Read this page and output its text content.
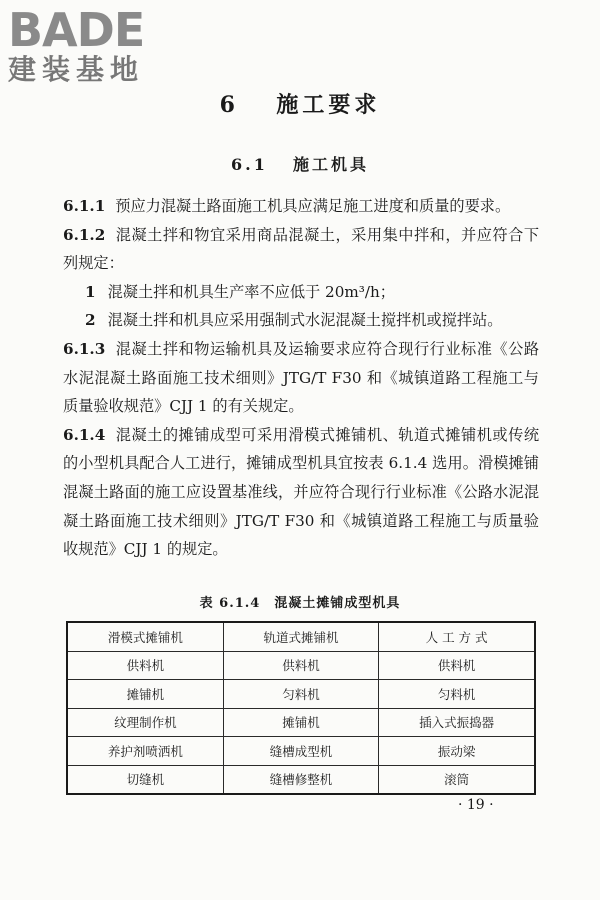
BADE
建装基地
6 施工要求
6.1 施工机具

6.1.1 预应力混凝土路面施工机具应满足施工进度和质量的要求。

6.1.2 混凝土拌和物宜采用商品混凝土，采用集中拌和，并应符合下列规定：

1 混凝土拌和机具生产率不应低于 20m³/h；

2 混凝土拌和机具应采用强制式水泥混凝土搅拌机或搅拌站。

6.1.3 混凝土拌和物运输机具及运输要求应符合现行行业标准《公路水泥混凝土路面施工技术细则》JTG/T F30 和《城镇道路工程施工与质量验收规范》CJJ 1 的有关规定。

6.1.4 混凝土的摊铺成型可采用滑模式摊铺机、轨道式摊铺机或传统的小型机具配合人工进行，摊铺成型机具宜按表 6.1.4 选用。滑模摊铺混凝土路面的施工应设置基准线，并应符合现行行业标准《公路水泥混凝土路面施工技术细则》JTG/T F30 和《城镇道路工程施工与质量验收规范》CJJ 1 的规定。

表 6.1.4　混凝土摊铺成型机具
滑模式摊铺机	轨道式摊铺机	人 工 方 式
供料机	供料机	供料机
摊铺机	匀料机	匀料机
纹理制作机	摊铺机	插入式振捣器
养护剂喷洒机	缝槽成型机	振动梁
切缝机	缝槽修整机	滚筒
· 19 ·
